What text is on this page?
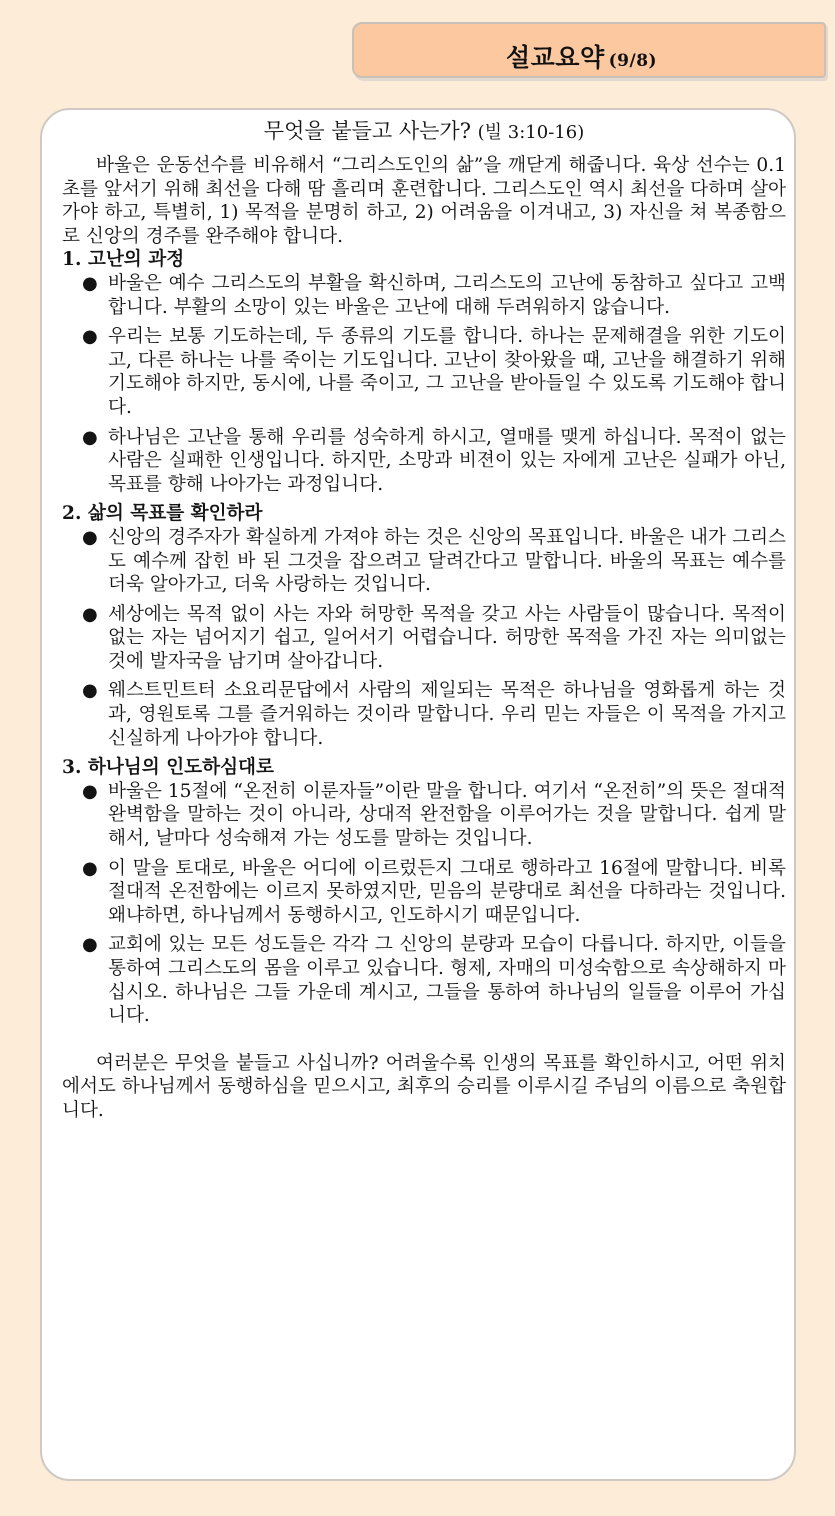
설교요약 (9/8)
무엇을 붙들고 사는가? (빌 3:10-16)

바울은 운동선수를 비유해서 “그리스도인의 삶”을 깨닫게 해줍니다. 육상 선수는 0.1초를 앞서기 위해 최선을 다해 땀 흘리며 훈련합니다. 그리스도인 역시 최선을 다하며 살아가야 하고, 특별히, 1) 목적을 분명히 하고, 2) 어려움을 이겨내고, 3) 자신을 쳐 복종함으로 신앙의 경주를 완주해야 합니다.

1. 고난의 과정

● 바울은 예수 그리스도의 부활을 확신하며, 그리스도의 고난에 동참하고 싶다고 고백합니다. 부활의 소망이 있는 바울은 고난에 대해 두려워하지 않습니다.
● 우리는 보통 기도하는데, 두 종류의 기도를 합니다. 하나는 문제해결을 위한 기도이고, 다른 하나는 나를 죽이는 기도입니다. 고난이 찾아왔을 때, 고난을 해결하기 위해 기도해야 하지만, 동시에, 나를 죽이고, 그 고난을 받아들일 수 있도록 기도해야 합니다.
● 하나님은 고난을 통해 우리를 성숙하게 하시고, 열매를 맺게 하십니다. 목적이 없는 사람은 실패한 인생입니다. 하지만, 소망과 비젼이 있는 자에게 고난은 실패가 아닌, 목표를 향해 나아가는 과정입니다.

2. 삶의 목표를 확인하라

● 신앙의 경주자가 확실하게 가져야 하는 것은 신앙의 목표입니다. 바울은 내가 그리스도 예수께 잡힌 바 된 그것을 잡으려고 달려간다고 말합니다. 바울의 목표는 예수를 더욱 알아가고, 더욱 사랑하는 것입니다.
● 세상에는 목적 없이 사는 자와 허망한 목적을 갖고 사는 사람들이 많습니다. 목적이 없는 자는 넘어지기 쉽고, 일어서기 어렵습니다. 허망한 목적을 가진 자는 의미없는 것에 발자국을 남기며 살아갑니다.
● 웨스트민트터 소요리문답에서 사람의 제일되는 목적은 하나님을 영화롭게 하는 것과, 영원토록 그를 즐거워하는 것이라 말합니다. 우리 믿는 자들은 이 목적을 가지고 신실하게 나아가야 합니다.

3. 하나님의 인도하심대로

● 바울은 15절에 “온전히 이룬자들”이란 말을 합니다. 여기서 “온전히”의 뜻은 절대적 완벽함을 말하는 것이 아니라, 상대적 완전함을 이루어가는 것을 말합니다. 쉽게 말해서, 날마다 성숙해져 가는 성도를 말하는 것입니다.
● 이 말을 토대로, 바울은 어디에 이르렀든지 그대로 행하라고 16절에 말합니다. 비록 절대적 온전함에는 이르지 못하였지만, 믿음의 분량대로 최선을 다하라는 것입니다. 왜냐하면, 하나님께서 동행하시고, 인도하시기 때문입니다.
● 교회에 있는 모든 성도들은 각각 그 신앙의 분량과 모습이 다릅니다. 하지만, 이들을 통하여 그리스도의 몸을 이루고 있습니다. 형제, 자매의 미성숙함으로 속상해하지 마십시오. 하나님은 그들 가운데 계시고, 그들을 통하여 하나님의 일들을 이루어 가십니다.

여러분은 무엇을 붙들고 사십니까? 어려울수록 인생의 목표를 확인하시고, 어떤 위치에서도 하나님께서 동행하심을 믿으시고, 최후의 승리를 이루시길 주님의 이름으로 축원합니다.
